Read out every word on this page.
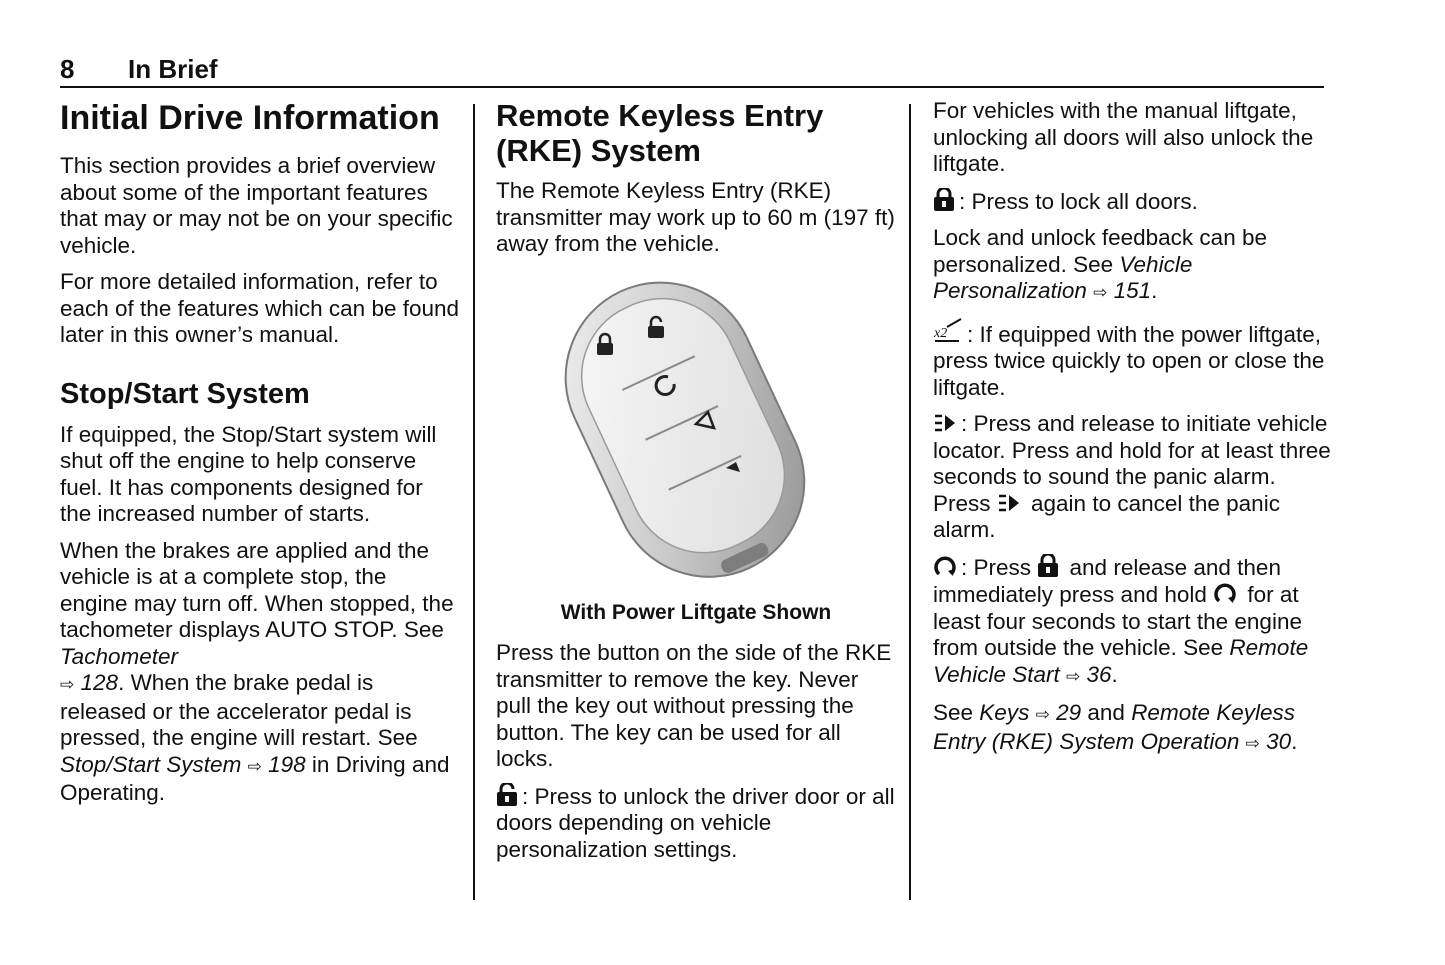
8 In Brief
Initial Drive Information

This section provides a brief overview about some of the important features that may or may not be on your specific vehicle.

For more detailed information, refer to each of the features which can be found later in this owner’s manual.

Stop/Start System

If equipped, the Stop/Start system will shut off the engine to help conserve fuel. It has components designed for the increased number of starts.

When the brakes are applied and the vehicle is at a complete stop, the engine may turn off. When stopped, the tachometer displays AUTO STOP. See Tachometer
⇨ 128. When the brake pedal is released or the accelerator pedal is pressed, the engine will restart. See Stop/Start System ⇨ 198 in Driving and Operating.

Remote Keyless Entry (RKE) System

The Remote Keyless Entry (RKE) transmitter may work up to 60 m (197 ft) away from the vehicle.

With Power Liftgate Shown

Press the button on the side of the RKE transmitter to remove the key. Never pull the key out without pressing the button. The key can be used for all locks.

: Press to unlock the driver door or all doors depending on vehicle personalization settings.

For vehicles with the manual liftgate, unlocking all doors will also unlock the liftgate.

: Press to lock all doors.

Lock and unlock feedback can be personalized. See Vehicle Personalization ⇨ 151.

x2 : If equipped with the power liftgate, press twice quickly to open or close the liftgate.

: Press and release to initiate vehicle locator. Press and hold for at least three seconds to sound the panic alarm. Press
again to cancel the panic alarm.

: Press
and release and then immediately press and hold
for at least four seconds to start the engine from outside the vehicle. See Remote Vehicle Start ⇨ 36.

See Keys ⇨ 29 and Remote Keyless Entry (RKE) System Operation ⇨ 30.
